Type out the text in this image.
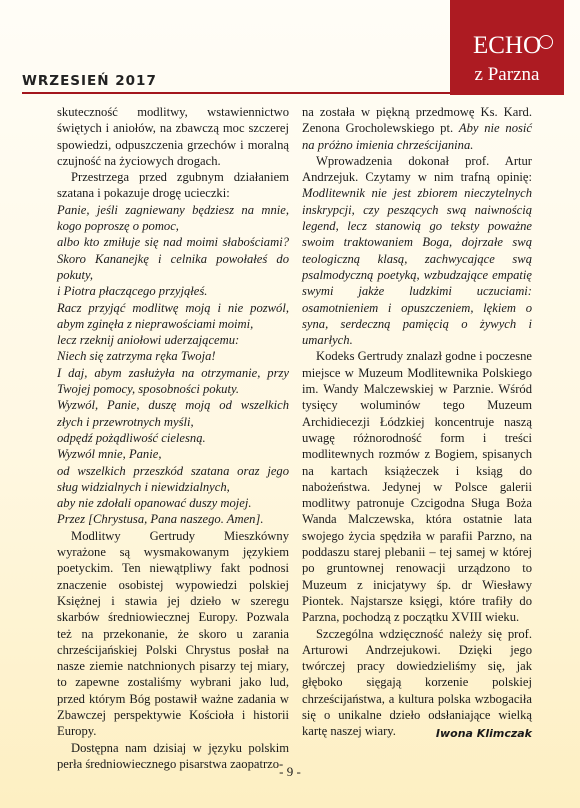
WRZESIEŃ 2017
ECHO
z Parzna

skuteczność modlitwy, wstawiennictwo świętych i aniołów, na zbawczą moc szczerej spowiedzi, odpuszczenia grzechów i moralną czujność na życiowych drogach.

Przestrzega przed zgubnym działaniem szatana i pokazuje drogę ucieczki:

Panie, jeśli zagniewany będziesz na mnie, kogo poproszę o pomoc,

albo kto zmiłuje się nad moimi słabościami? Skoro Kananejkę i celnika powołałeś do pokuty,

i Piotra płaczącego przyjąłeś.

Racz przyjąć modlitwę moją i nie pozwól, abym zginęła z nieprawościami moimi,

lecz rzeknij aniołowi uderzającemu:

Niech się zatrzyma ręka Twoja!

I daj, abym zasłużyła na otrzymanie, przy Twojej pomocy, sposobności pokuty.

Wyzwól, Panie, duszę moją od wszelkich złych i przewrotnych myśli,

odpędź pożądliwość cielesną.

Wyzwól mnie, Panie,

od wszelkich przeszkód szatana oraz jego sług widzialnych i niewidzialnych,

aby nie zdołali opanować duszy mojej.

Przez [Chrystusa, Pana naszego. Amen].

Modlitwy Gertrudy Mieszkówny wyrażone są wysmakowanym językiem poetyckim. Ten niewątpliwy fakt podnosi znaczenie osobistej wypowiedzi polskiej Księżnej i stawia jej dzieło w szeregu skarbów średniowiecznej Europy. Pozwala też na przekonanie, że skoro u zarania chrześcijańskiej Polski Chrystus posłał na nasze ziemie natchnionych pisarzy tej miary, to zapewne zostaliśmy wybrani jako lud, przed którym Bóg postawił ważne zadania w Zbawczej perspektywie Kościoła i historii Europy.

Dostępna nam dzisiaj w języku polskim perła średniowiecznego pisarstwa zaopatrzo-

na została w piękną przedmowę Ks. Kard. Zenona Grocholewskiego pt. Aby nie nosić na próżno imienia chrześcijanina.

Wprowadzenia dokonał prof. Artur Andrzejuk. Czytamy w nim trafną opinię: Modlitewnik nie jest zbiorem nieczytelnych inskrypcji, czy peszących swą naiwnością legend, lecz stanowią go teksty poważne swoim traktowaniem Boga, dojrzałe swą teologiczną klasą, zachwycające swą psalmodyczną poetyką, wzbudzające empatię swymi jakże ludzkimi uczuciami: osamotnieniem i opuszczeniem, lękiem o syna, serdeczną pamięcią o żywych i umarłych.

Kodeks Gertrudy znalazł godne i poczesne miejsce w Muzeum Modlitewnika Polskiego im. Wandy Malczewskiej w Parznie. Wśród tysięcy woluminów tego Muzeum Archidiecezji Łódzkiej koncentruje naszą uwagę różnorodność form i treści modlitewnych rozmów z Bogiem, spisanych na kartach książeczek i ksiąg do nabożeństwa. Jedynej w Polsce galerii modlitwy patronuje Czcigodna Sługa Boża Wanda Malczewska, która ostatnie lata swojego życia spędziła w parafii Parzno, na poddaszu starej plebanii – tej samej w której po gruntownej renowacji urządzono to Muzeum z inicjatywy śp. dr Wiesławy Piontek. Najstarsze księgi, które trafiły do Parzna, pochodzą z początku XVIII wieku.

Szczególna wdzięczność należy się prof. Arturowi Andrzejukowi. Dzięki jego twórczej pracy dowiedzieliśmy się, jak głęboko sięgają korzenie polskiej chrześcijaństwa, a kultura polska wzbogaciła się o unikalne dzieło odsłaniające wielką kartę naszej wiary.	Iwona Klimczak
- 9 -
